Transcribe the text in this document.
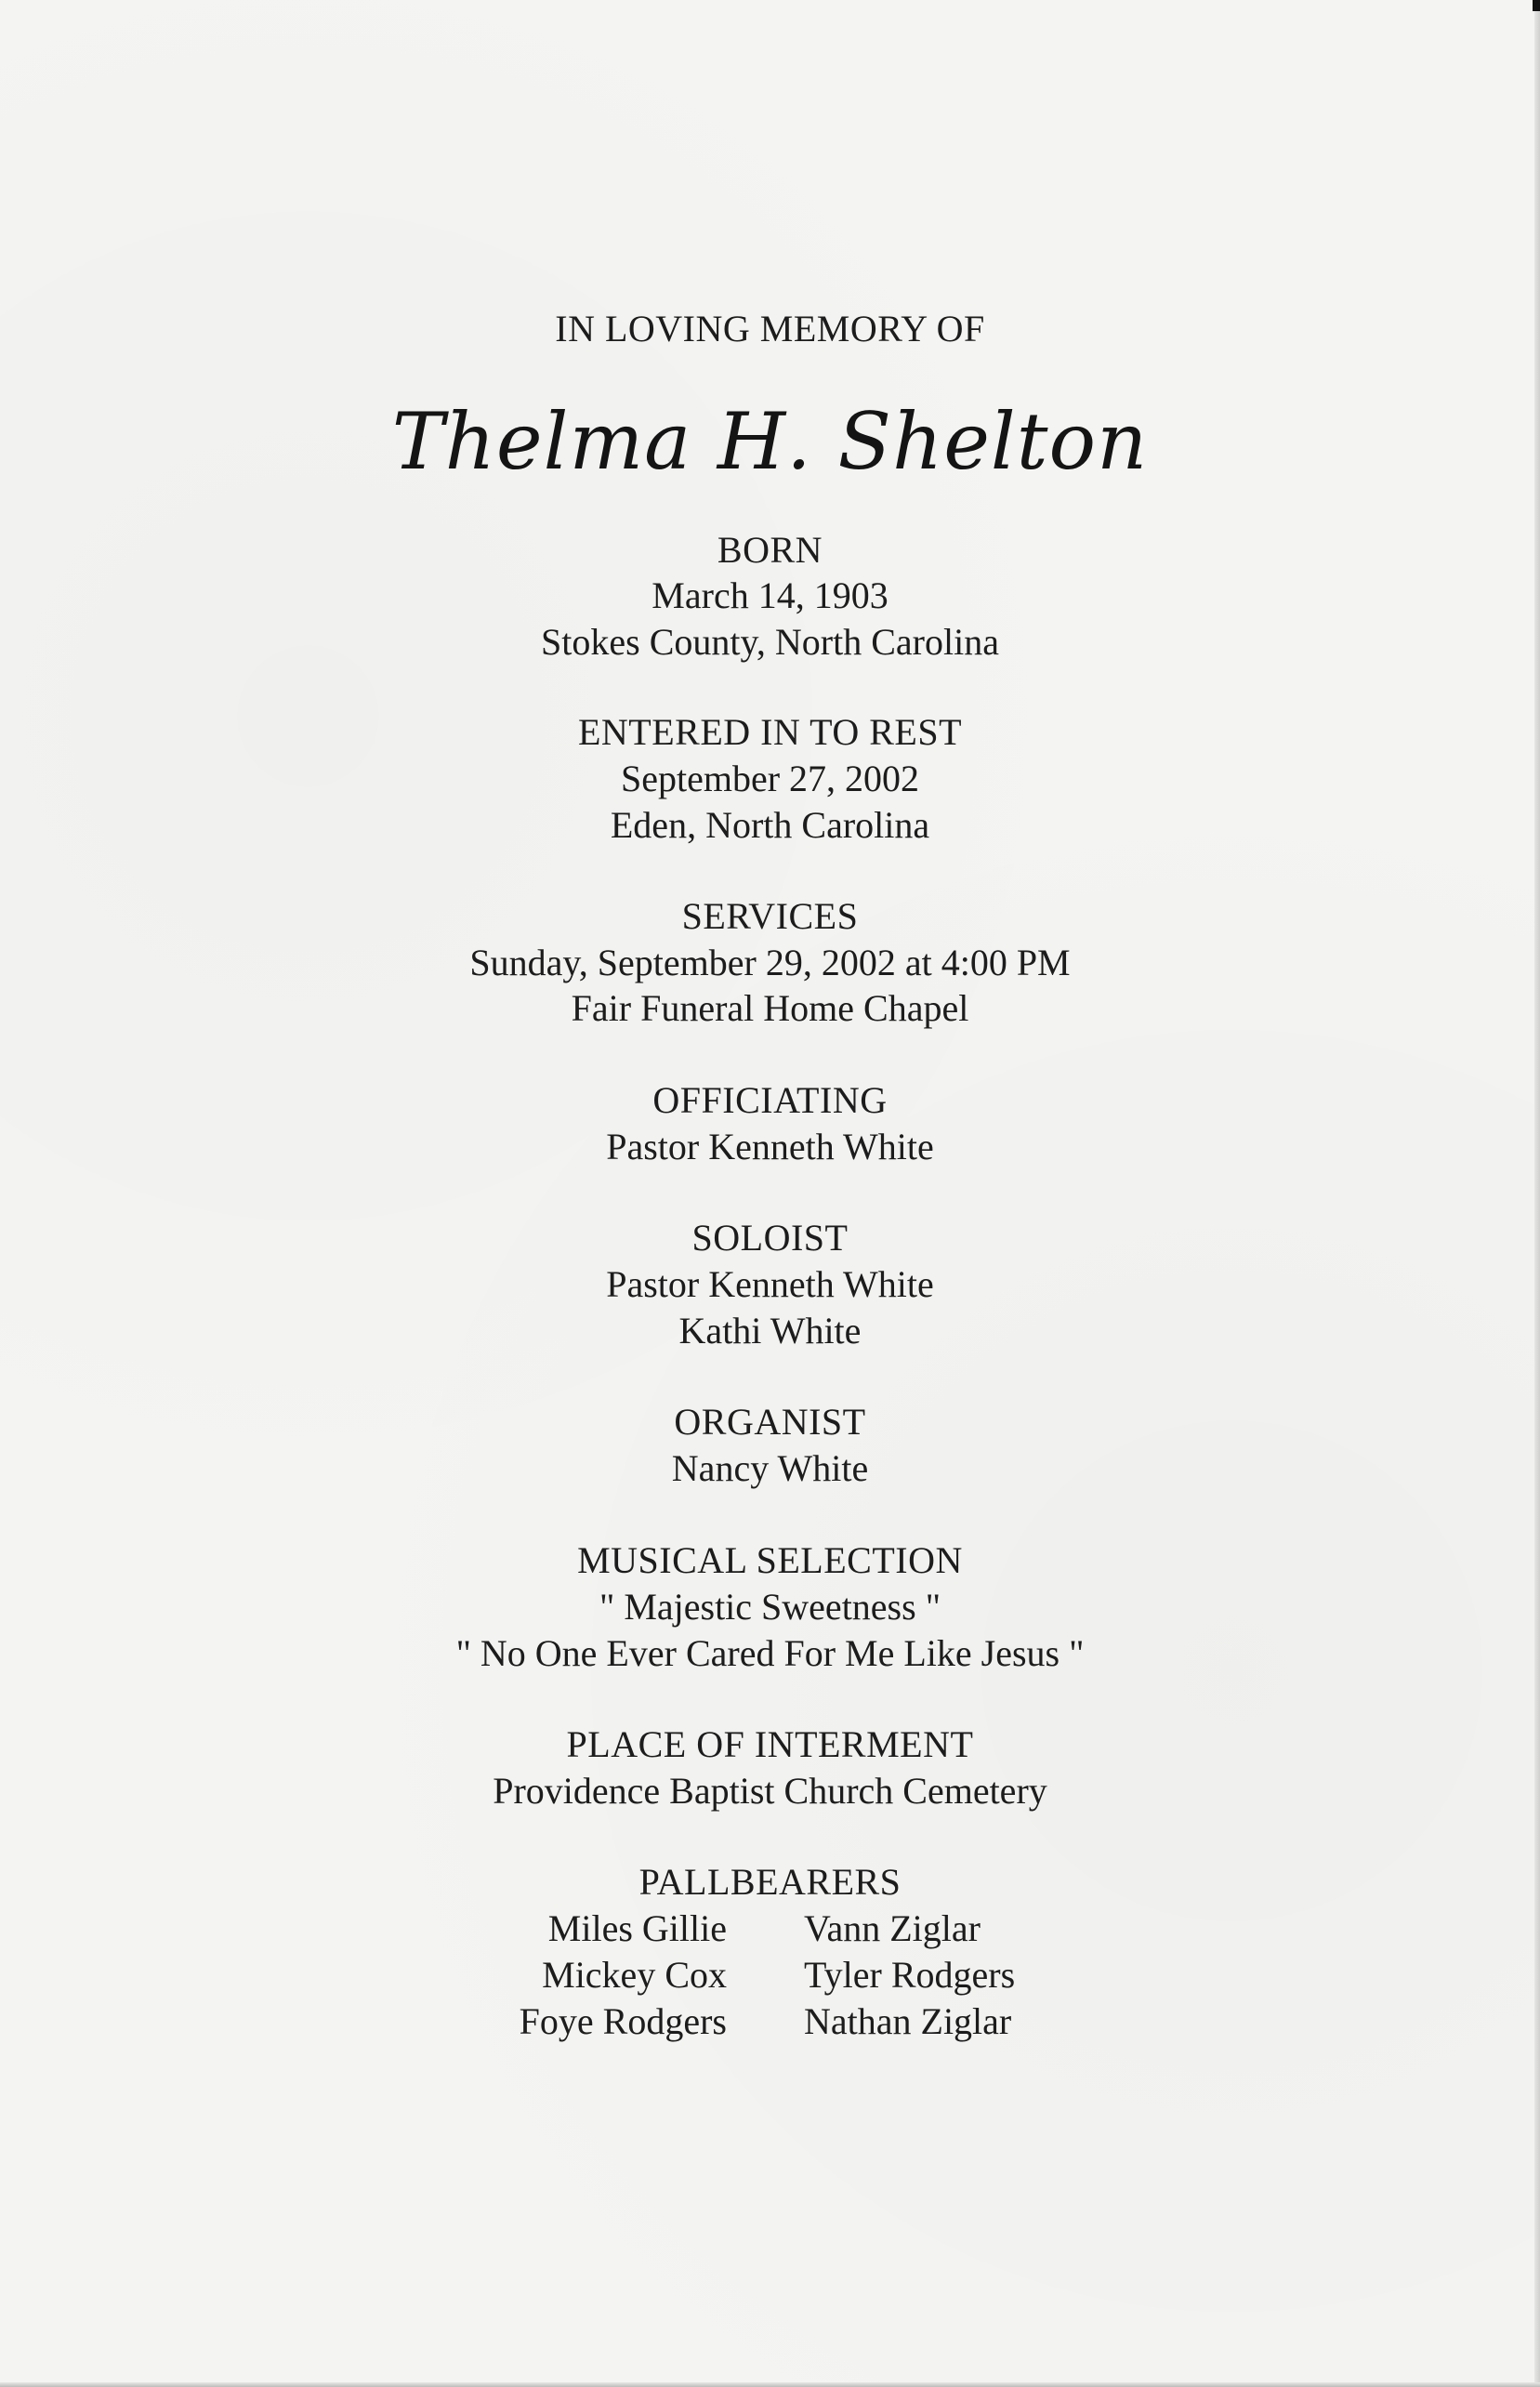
IN LOVING MEMORY OF
Thelma H. Shelton
BORN
March 14, 1903
Stokes County, North Carolina
ENTERED IN TO REST
September 27, 2002
Eden, North Carolina
SERVICES
Sunday, September 29, 2002 at 4:00 PM
Fair Funeral Home Chapel
OFFICIATING
Pastor Kenneth White
SOLOIST
Pastor Kenneth White
Kathi White
ORGANIST
Nancy White
MUSICAL SELECTION
" Majestic Sweetness "
" No One Ever Cared For Me Like Jesus "
PLACE OF INTERMENT
Providence Baptist Church Cemetery
PALLBEARERS
Miles Gillie
Mickey Cox
Foye Rodgers
Vann Ziglar
Tyler Rodgers
Nathan Ziglar
